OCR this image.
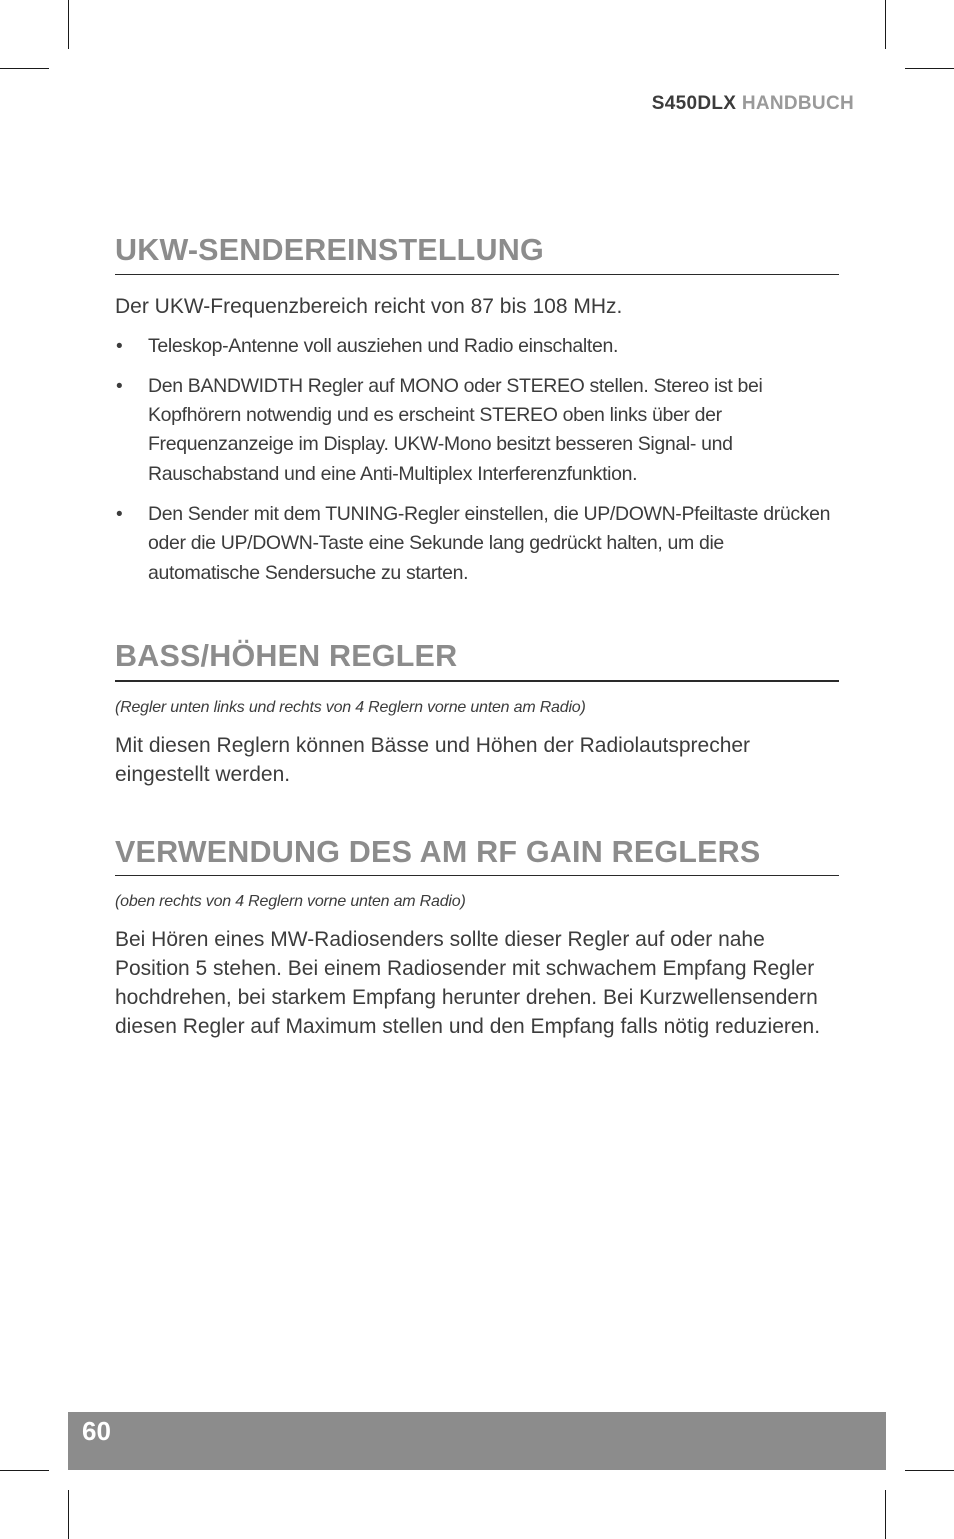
S450DLX HANDBUCH
UKW-SENDEREINSTELLUNG

Der UKW-Frequenzbereich reicht von 87 bis 108 MHz.

• Teleskop-Antenne voll ausziehen und Radio einschalten.
• Den BANDWIDTH Regler auf MONO oder STEREO stellen. Stereo ist bei Kopfhörern notwendig und es erscheint STEREO oben links über der Frequenzanzeige im Display. UKW-Mono besitzt besseren Signal- und Rauschabstand und eine Anti-Multiplex Interferenzfunktion.
• Den Sender mit dem TUNING-Regler einstellen, die UP/DOWN-Pfeiltaste drücken oder die UP/DOWN-Taste eine Sekunde lang gedrückt halten, um die automatische Sendersuche zu starten.
BASS/HÖHEN REGLER

(Regler unten links und rechts von 4 Reglern vorne unten am Radio)

Mit diesen Reglern können Bässe und Höhen der Radiolautsprecher eingestellt werden.

VERWENDUNG DES AM RF GAIN REGLERS

(oben rechts von 4 Reglern vorne unten am Radio)

Bei Hören eines MW-Radiosenders sollte dieser Regler auf oder nahe Position 5 stehen. Bei einem Radiosender mit schwachem Empfang Regler hochdrehen, bei starkem Empfang herunter drehen. Bei Kurzwellensendern diesen Regler auf Maximum stellen und den Empfang falls nötig reduzieren.

60
